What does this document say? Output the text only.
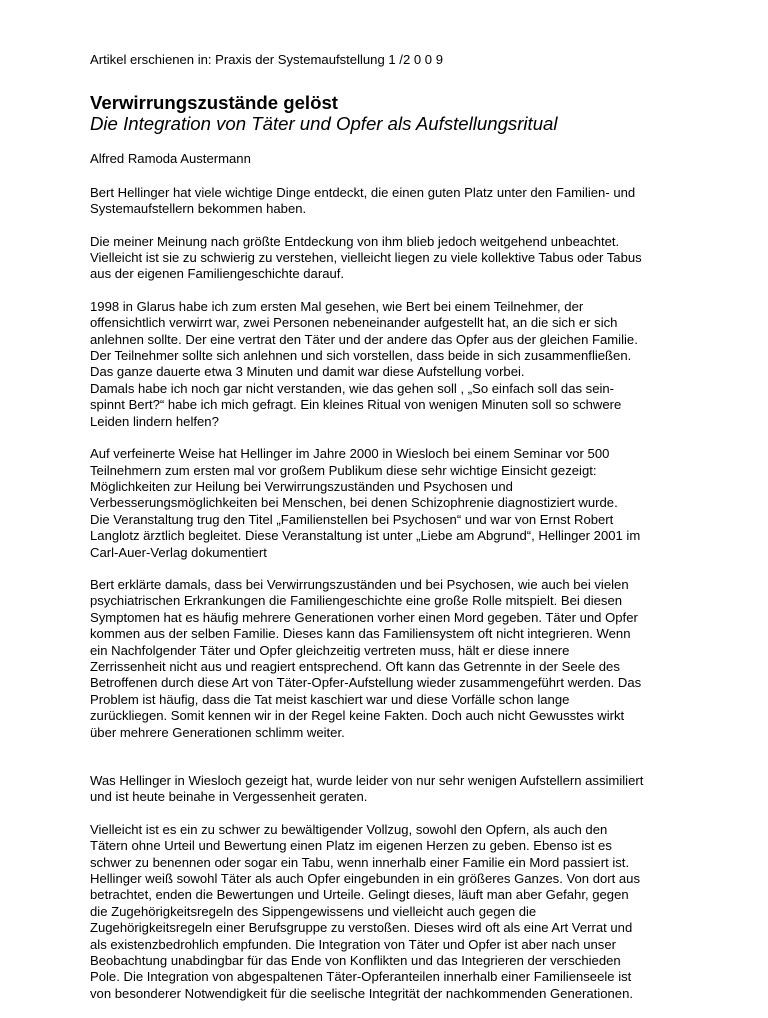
Artikel erschienen in: Praxis der Systemaufstellung 1 /2 0 0 9
Verwirrungszustände gelöst
Die Integration von Täter und Opfer als Aufstellungsritual
Alfred Ramoda Austermann
Bert Hellinger hat viele wichtige Dinge entdeckt, die einen guten Platz unter den Familien- und
Systemaufstellern bekommen haben.
Die meiner Meinung nach größte Entdeckung von ihm blieb jedoch weitgehend unbeachtet.
Vielleicht ist sie zu schwierig zu verstehen, vielleicht liegen zu viele kollektive Tabus oder Tabus
aus der eigenen Familiengeschichte darauf.
1998 in Glarus habe ich zum ersten Mal gesehen, wie Bert bei einem Teilnehmer, der
offensichtlich verwirrt war, zwei Personen nebeneinander aufgestellt hat, an die sich er sich
anlehnen sollte. Der eine vertrat den Täter und der andere das Opfer aus der gleichen Familie.
Der Teilnehmer sollte sich anlehnen und sich vorstellen, dass beide in sich zusammenfließen.
Das ganze dauerte etwa 3 Minuten und damit war diese Aufstellung vorbei.
Damals habe ich noch gar nicht verstanden, wie das gehen soll , „So einfach soll das sein-
spinnt Bert?“ habe ich mich gefragt. Ein kleines Ritual von wenigen Minuten soll so schwere
Leiden lindern helfen?
Auf verfeinerte Weise hat Hellinger im Jahre 2000 in Wiesloch bei einem Seminar vor 500
Teilnehmern zum ersten mal vor großem Publikum diese sehr wichtige Einsicht gezeigt:
Möglichkeiten zur Heilung bei Verwirrungszuständen und Psychosen und
Verbesserungsmöglichkeiten bei Menschen, bei denen Schizophrenie diagnostiziert wurde.
Die Veranstaltung trug den Titel „Familienstellen bei Psychosen“ und war von Ernst Robert
Langlotz ärztlich begleitet. Diese Veranstaltung ist unter „Liebe am Abgrund“, Hellinger 2001 im
Carl-Auer-Verlag dokumentiert
Bert erklärte damals, dass bei Verwirrungszuständen und bei Psychosen, wie auch bei vielen
psychiatrischen Erkrankungen die Familiengeschichte eine große Rolle mitspielt. Bei diesen
Symptomen hat es häufig mehrere Generationen vorher einen Mord gegeben. Täter und Opfer
kommen aus der selben Familie. Dieses kann das Familiensystem oft nicht integrieren. Wenn
ein Nachfolgender Täter und Opfer gleichzeitig vertreten muss, hält er diese innere
Zerrissenheit nicht aus und reagiert entsprechend. Oft kann das Getrennte in der Seele des
Betroffenen durch diese Art von Täter-Opfer-Aufstellung wieder zusammengeführt werden. Das
Problem ist häufig, dass die Tat meist kaschiert war und diese Vorfälle schon lange
zurückliegen. Somit kennen wir in der Regel keine Fakten. Doch auch nicht Gewusstes wirkt
über mehrere Generationen schlimm weiter.
Was Hellinger in Wiesloch gezeigt hat, wurde leider von nur sehr wenigen Aufstellern assimiliert
und ist heute beinahe in Vergessenheit geraten.
Vielleicht ist es ein zu schwer zu bewältigender Vollzug, sowohl den Opfern, als auch den
Tätern ohne Urteil und Bewertung einen Platz im eigenen Herzen zu geben. Ebenso ist es
schwer zu benennen oder sogar ein Tabu, wenn innerhalb einer Familie ein Mord passiert ist.
Hellinger weiß sowohl Täter als auch Opfer eingebunden in ein größeres Ganzes. Von dort aus
betrachtet, enden die Bewertungen und Urteile. Gelingt dieses, läuft man aber Gefahr, gegen
die Zugehörigkeitsregeln des Sippengewissens und vielleicht auch gegen die
Zugehörigkeitsregeln einer Berufsgruppe zu verstoßen. Dieses wird oft als eine Art Verrat und
als existenzbedrohlich empfunden. Die Integration von Täter und Opfer ist aber nach unser
Beobachtung unabdingbar für das Ende von Konflikten und das Integrieren der verschieden
Pole. Die Integration von abgespaltenen Täter-Opferanteilen innerhalb einer Familienseele ist
von besonderer Notwendigkeit für die seelische Integrität der nachkommenden Generationen.
